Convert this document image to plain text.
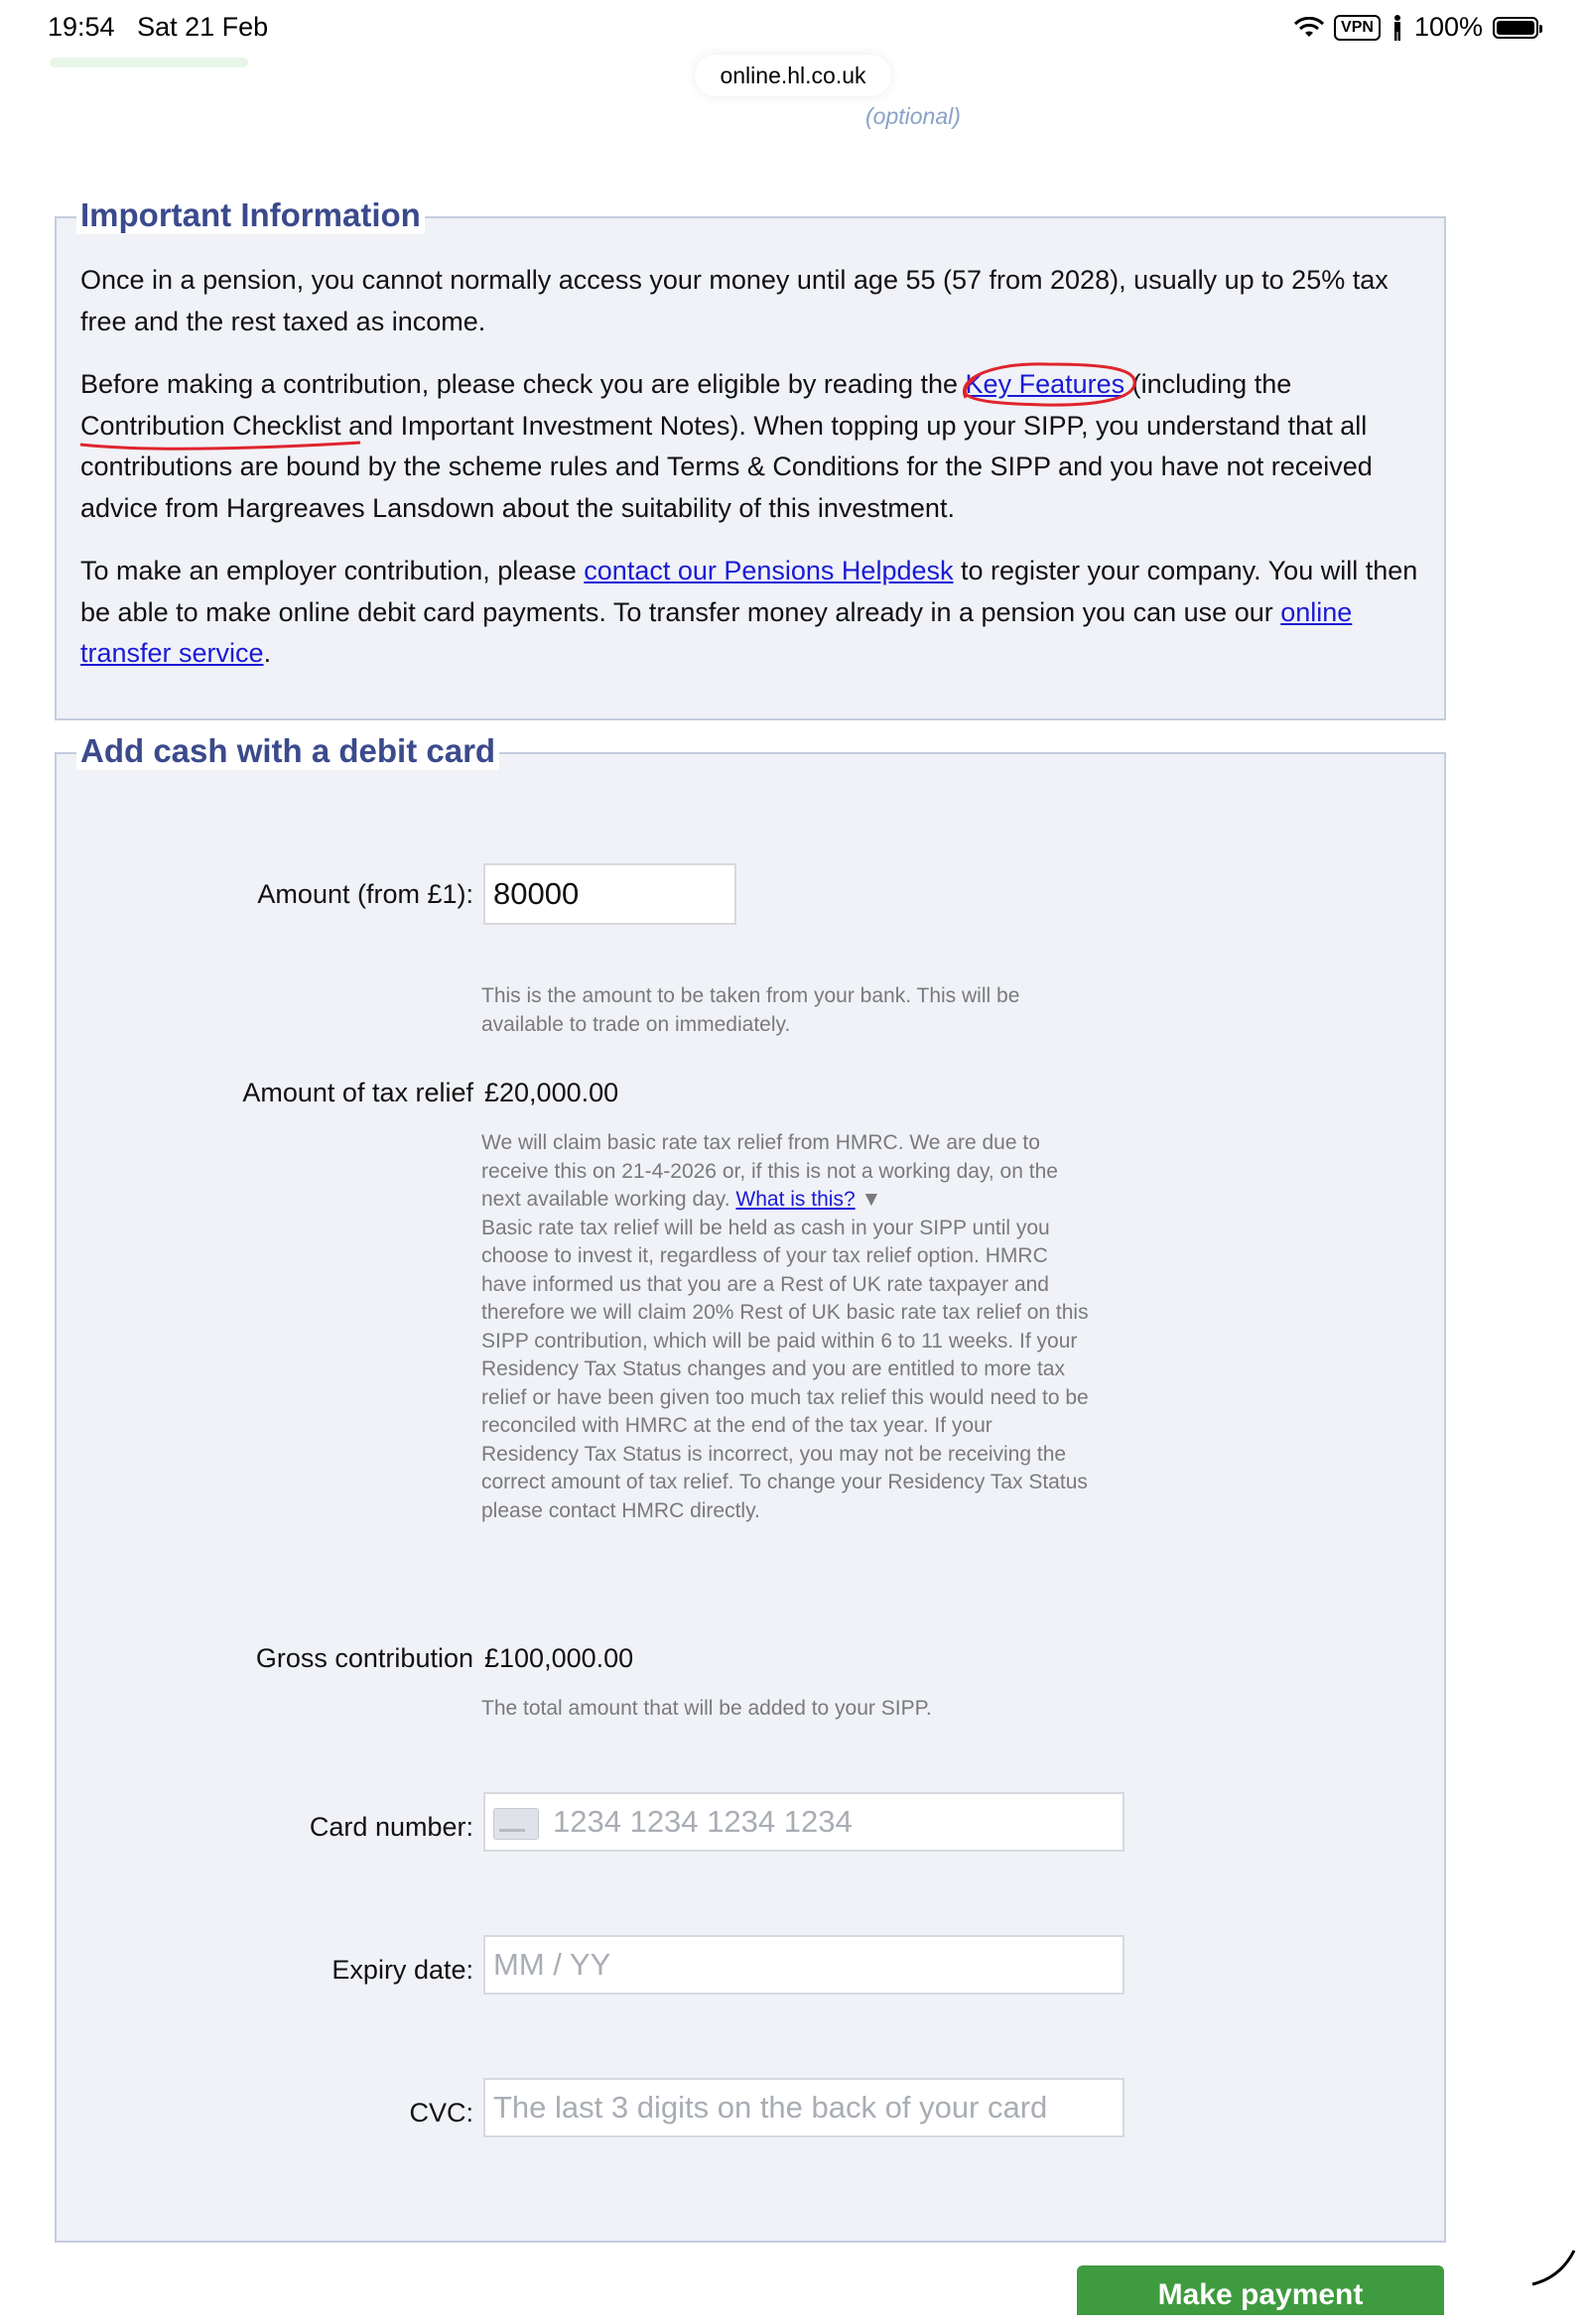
19:54 Sat 21 Feb	VPN 100%
online.hl.co.uk
(optional)
Important Information

Once in a pension, you cannot normally access your money until age 55 (57 from 2028), usually up to 25% tax free and the rest taxed as income.

Before making a contribution, please check you are eligible by reading the Key Features
(including the Contribution Checklist
and Important Investment Notes). When topping up your SIPP, you understand that all contributions are bound by the scheme rules and Terms & Conditions for the SIPP and you have not received advice from Hargreaves Lansdown about the suitability of this investment.

To make an employer contribution, please contact our Pensions Helpdesk to register your company. You will then be able to make online debit card payments. To transfer money already in a pension you can use our online transfer service.

Add cash with a debit card
Amount (from £1): 80000
This is the amount to be taken from your bank. This will be available to trade on immediately.
Amount of tax relief £20,000.00
We will claim basic rate tax relief from HMRC. We are due to receive this on 21-4-2026 or, if this is not a working day, on the next available working day. What is this? ▼
Basic rate tax relief will be held as cash in your SIPP until you choose to invest it, regardless of your tax relief option. HMRC have informed us that you are a Rest of UK rate taxpayer and therefore we will claim 20% Rest of UK basic rate tax relief on this SIPP contribution, which will be paid within 6 to 11 weeks. If your Residency Tax Status changes and you are entitled to more tax relief or have been given too much tax relief this would need to be reconciled with HMRC at the end of the tax year. If your Residency Tax Status is incorrect, you may not be receiving the correct amount of tax relief. To change your Residency Tax Status please contact HMRC directly.
Gross contribution £100,000.00
The total amount that will be added to your SIPP.
Card number:	1234 1234 1234 1234
Expiry date: MM / YY
CVC: The last 3 digits on the back of your card
Make payment
